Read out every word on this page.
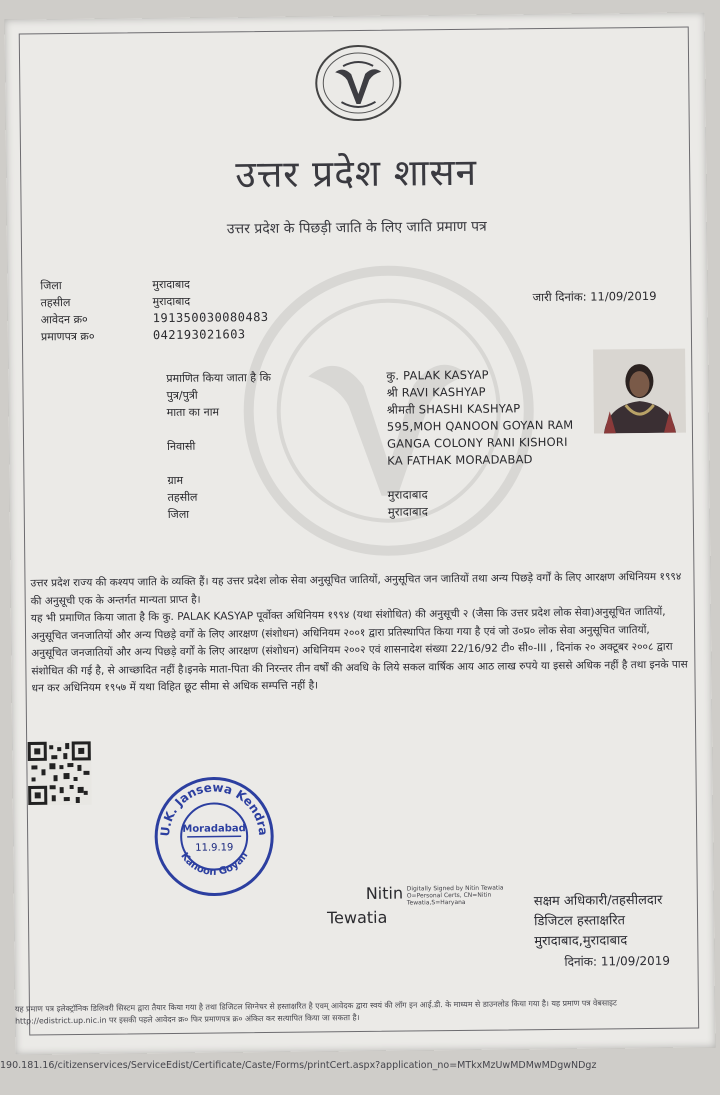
उत्तर प्रदेश शासन
उत्तर प्रदेश के पिछड़ी जाति के लिए जाति प्रमाण पत्र
जिला	मुरादाबाद
तहसील	मुरादाबाद
आवेदन क्र०	191350030080483
प्रमाणपत्र क्र०	042193021603
जारी दिनांक: 11/09/2019
प्रमाणित किया जाता है कि	कु. PALAK KASYAP
पुत्र/पुत्री	श्री RAVI KASHYAP
माता का नाम	श्रीमती SHASHI KASHYAP
595,MOH QANOON GOYAN RAM
निवासी	GANGA COLONY RANI KISHORI
KA FATHAK MORADABAD
ग्राम
तहसील	मुरादाबाद
जिला	मुरादाबाद

उत्तर प्रदेश राज्य की कश्यप जाति के व्यक्ति हैं। यह उत्तर प्रदेश लोक सेवा अनुसूचित जातियों, अनुसूचित जन जातियों तथा अन्य पिछड़े वर्गों के लिए आरक्षण अधिनियम १९९४ की अनुसूची एक के अन्तर्गत मान्यता प्राप्त है।

यह भी प्रमाणित किया जाता है कि कु. PALAK KASYAP पूर्वोक्त अधिनियम १९९४ (यथा संशोधित) की अनुसूची २ (जैसा कि उत्तर प्रदेश लोक सेवा)अनुसूचित जातियों, अनुसूचित जनजातियों और अन्य पिछड़े वर्गों के लिए आरक्षण (संशोधन) अधिनियम २००१ द्वारा प्रतिस्थापित किया गया है एवं जो उ०प्र० लोक सेवा अनुसूचित जातियों, अनुसूचित जनजातियों और अन्य पिछड़े वर्गों के लिए आरक्षण (संशोधन) अधिनियम २००२ एवं शासनादेश संख्या 22/16/92 टी० सी०-III , दिनांक २० अक्टूबर २००८ द्वारा संशोधित की गई है, से आच्छादित नहीं है।इनके माता-पिता की निरन्तर तीन वर्षों की अवधि के लिये सकल वार्षिक आय आठ लाख रुपये या इससे अधिक नहीं है तथा इनके पास धन कर अधिनियम १९५७ में यथा विहित छूट सीमा से अधिक सम्पत्ति नहीं है।

U.K. Jansewa Kendra
Kanoon Goyan
Moradabad
11.9.19
Nitin
Tewatia
Digitally Signed by Nitin Tewatia O=Personal Certs, CN=Nitin Tewatia,S=Haryana	सक्षम अधिकारी/तहसीलदार
डिजिटल हस्ताक्षरित
मुरादाबाद,मुरादाबाद
दिनांक: 11/09/2019
यह प्रमाण पत्र इलेक्ट्रॉनिक डिलिवरी सिस्टम द्वारा तैयार किया गया है तथा डिजिटल सिग्नेचर से हस्ताक्षरित है एवम् आवेदक द्वारा स्वयं की लॉग इन आई.डी. के माध्यम से डाउनलोड किया गया है। यह प्रमाण पत्र वेबसाइट http://edistrict.up.nic.in पर इसकी पहले आवेदन क्र० फिर प्रमाणपत्र क्र० अंकित कर सत्यापित किया जा सकता है।
190.181.16/citizenservices/ServiceEdist/Certificate/Caste/Forms/printCert.aspx?application_no=MTkxMzUwMDMwMDgwNDgz
